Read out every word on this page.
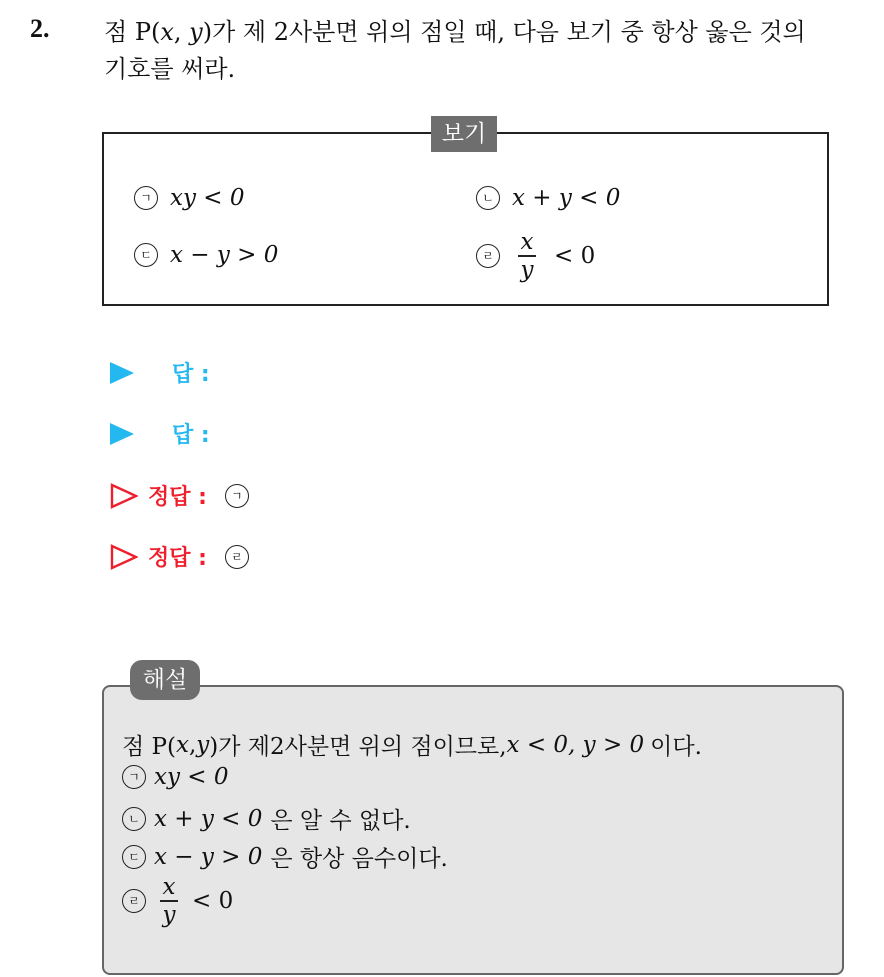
2. 점 P(x, y)가 제 2사분면 위의 점일 때, 다음 보기 중 항상 옳은 것의
기호를 써라.
보기
ㄱ xy < 0	ㄴ x + y < 0
ㄷ x − y > 0	ㄹ $\frac{x}{y} < 0$
답 :
답 :
정답 :	ㄱ
정답 :	ㄹ
해설
점 P( x , y )가 제2사분면 위의 점이므로, x < 0, y > 0 이다.
ㄱ xy < 0
ㄴ x + y < 0 은 알 수 없다.
ㄷ x − y > 0 은 항상 음수이다.
ㄹ $\frac{x}{y} < 0$
